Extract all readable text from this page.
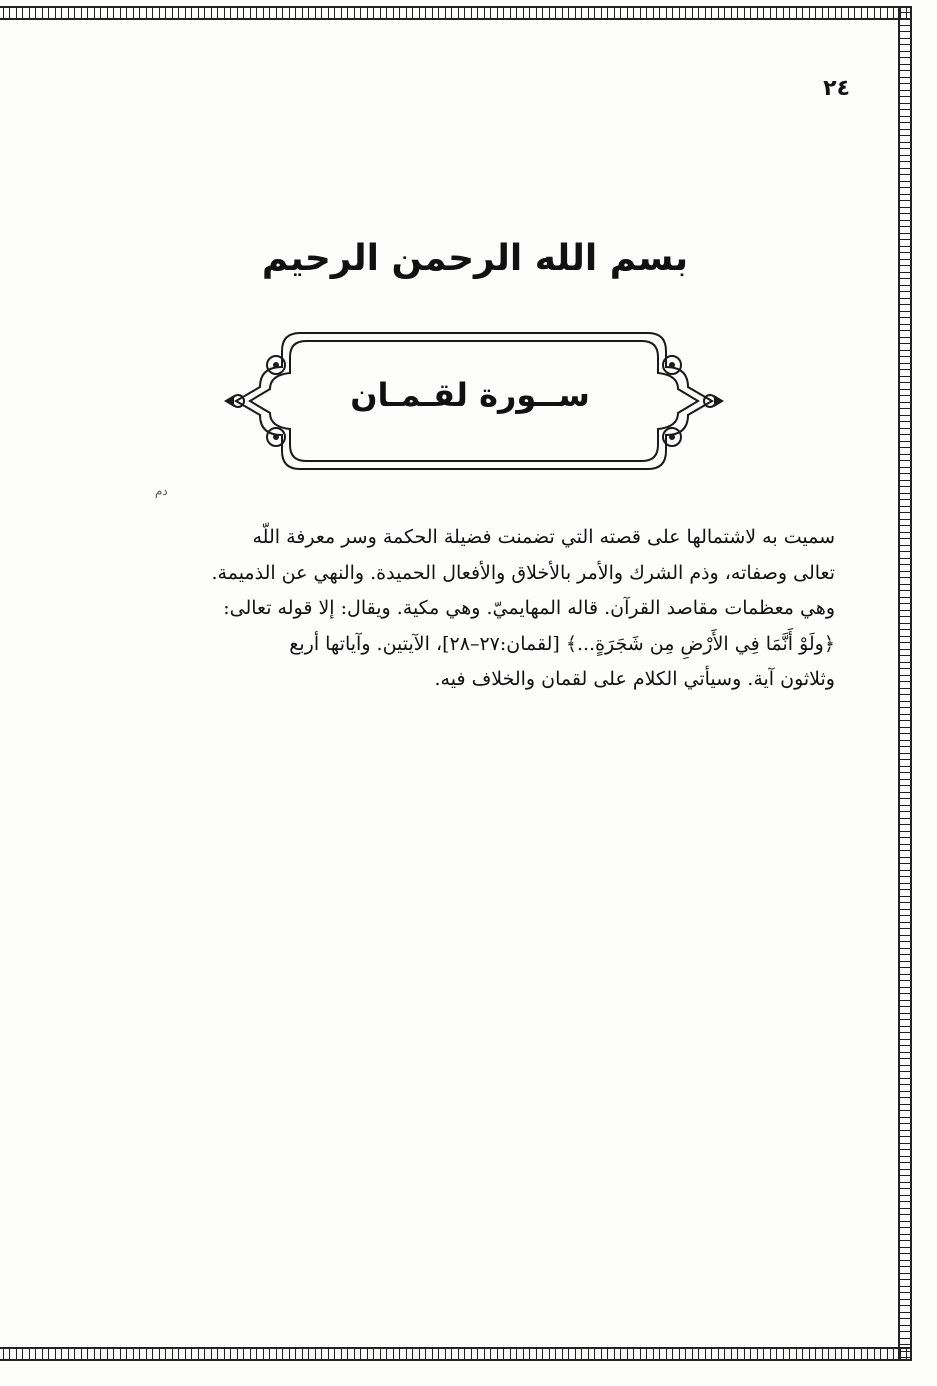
٢٤
بسم الله الرحمن الرحيم
ســورة لقـمـان
ﺩﻡ
سميت به لاشتمالها على قصته التي تضمنت فضيلة الحكمة وسر معرفة اللّه
تعالى وصفاته، وذم الشرك والأمر بالأخلاق والأفعال الحميدة. والنهي عن الذميمة.
وهي معظمات مقاصد القرآن. قاله المهايميّ. وهي مكية. ويقال: إلا قوله تعالى:
﴿ولَوْ أَنَّمَا فِي الأَرْضِ مِن شَجَرَةٍ...﴾ [لقمان:٢٧–٢٨]، الآيتين. وآياتها أربع
وثلاثون آية. وسيأتي الكلام على لقمان والخلاف فيه.
